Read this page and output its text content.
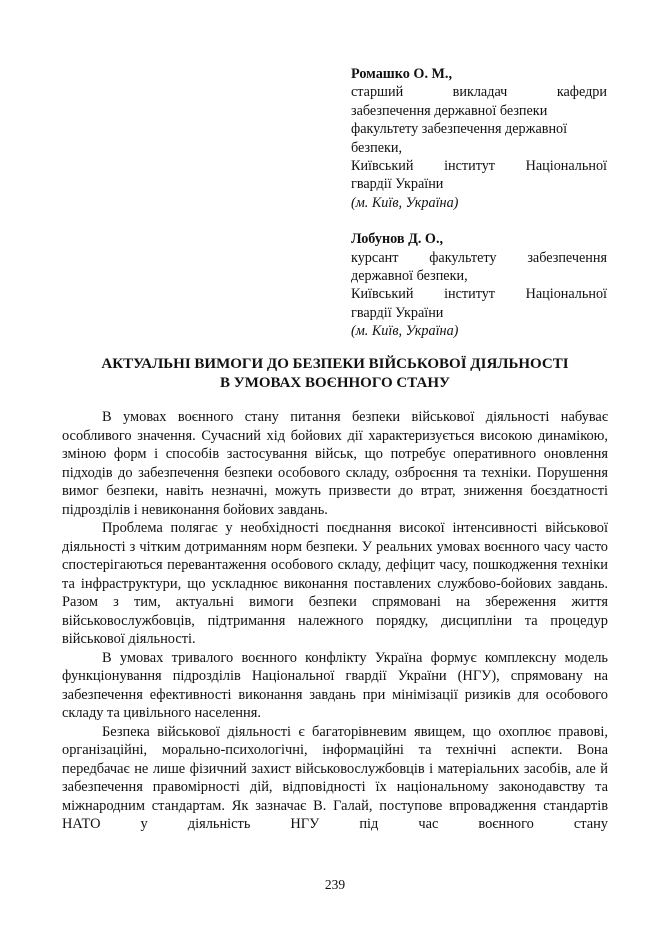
Ромашко О. М.,
старший викладач кафедри
забезпечення державної безпеки
факультету забезпечення державної
безпеки,
Київський інститут Національної
гвардії України
(м. Київ, Україна)
Лобунов Д. О.,
курсант факультету забезпечення
державної безпеки,
Київський інститут Національної
гвардії України
(м. Київ, Україна)
АКТУАЛЬНІ ВИМОГИ ДО БЕЗПЕКИ ВІЙСЬКОВОЇ ДІЯЛЬНОСТІ
В УМОВАХ ВОЄННОГО СТАНУ

В умовах воєнного стану питання безпеки військової діяльності набуває особливого значення. Сучасний хід бойових дії характеризується високою динамікою, зміною форм і способів застосування військ, що потребує оперативного оновлення підходів до забезпечення безпеки особового складу, озброєння та техніки. Порушення вимог безпеки, навіть незначні, можуть призвести до втрат, зниження боєздатності підрозділів і невиконання бойових завдань.

Проблема полягає у необхідності поєднання високої інтенсивності військової діяльності з чітким дотриманням норм безпеки. У реальних умовах воєнного часу часто спостерігаються перевантаження особового складу, дефіцит часу, пошкодження техніки та інфраструктури, що ускладнює виконання поставлених службово-бойових завдань. Разом з тим, актуальні вимоги безпеки спрямовані на збереження життя військовослужбовців, підтримання належного порядку, дисципліни та процедур військової діяльності.

В умовах тривалого воєнного конфлікту Україна формує комплексну модель функціонування підрозділів Національної гвардії України (НГУ), спрямовану на забезпечення ефективності виконання завдань при мінімізації ризиків для особового складу та цивільного населення.

Безпека військової діяльності є багаторівневим явищем, що охоплює правові, організаційні, морально-психологічні, інформаційні та технічні аспекти. Вона передбачає не лише фізичний захист військовослужбовців і матеріальних засобів, але й забезпечення правомірності дій, відповідності їх національному законодавству та міжнародним стандартам. Як зазначає В. Галай, поступове впровадження стандартів НАТО у діяльність НГУ під час воєнного стану

239
